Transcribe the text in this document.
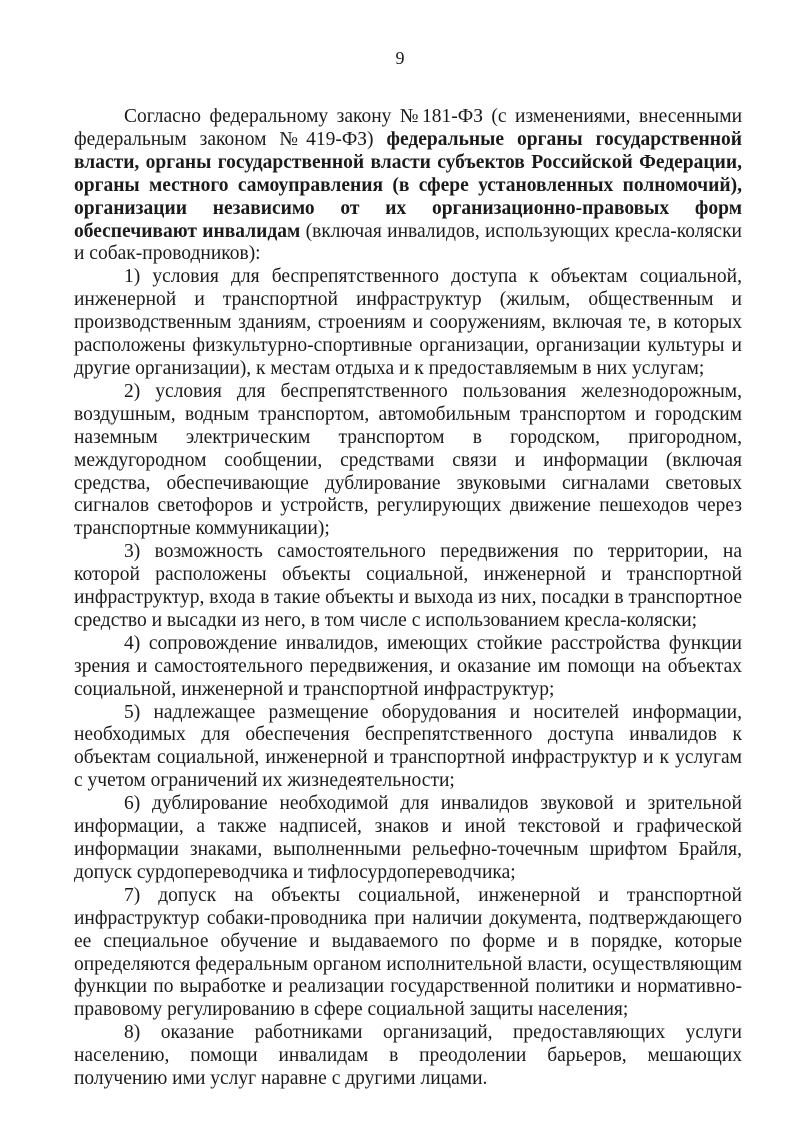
9

Согласно федеральному закону №181-ФЗ (с изменениями, внесенными федеральным законом №419-ФЗ) федеральные органы государственной власти, органы государственной власти субъектов Российской Федерации, органы местного самоуправления (в сфере установленных полномочий), организации независимо от их организационно-правовых форм обеспечивают инвалидам (включая инвалидов, использующих кресла-коляски и собак-проводников):

1) условия для беспрепятственного доступа к объектам социальной, инженерной и транспортной инфраструктур (жилым, общественным и производственным зданиям, строениям и сооружениям, включая те, в которых расположены физкультурно-спортивные организации, организации культуры и другие организации), к местам отдыха и к предоставляемым в них услугам;

2) условия для беспрепятственного пользования железнодорожным, воздушным, водным транспортом, автомобильным транспортом и городским наземным электрическим транспортом в городском, пригородном, междугородном сообщении, средствами связи и информации (включая средства, обеспечивающие дублирование звуковыми сигналами световых сигналов светофоров и устройств, регулирующих движение пешеходов через транспортные коммуникации);

3) возможность самостоятельного передвижения по территории, на которой расположены объекты социальной, инженерной и транспортной инфраструктур, входа в такие объекты и выхода из них, посадки в транспортное средство и высадки из него, в том числе с использованием кресла-коляски;

4) сопровождение инвалидов, имеющих стойкие расстройства функции зрения и самостоятельного передвижения, и оказание им помощи на объектах социальной, инженерной и транспортной инфраструктур;

5) надлежащее размещение оборудования и носителей информации, необходимых для обеспечения беспрепятственного доступа инвалидов к объектам социальной, инженерной и транспортной инфраструктур и к услугам с учетом ограничений их жизнедеятельности;

6) дублирование необходимой для инвалидов звуковой и зрительной информации, а также надписей, знаков и иной текстовой и графической информации знаками, выполненными рельефно-точечным шрифтом Брайля, допуск сурдопереводчика и тифлосурдопереводчика;

7) допуск на объекты социальной, инженерной и транспортной инфраструктур собаки-проводника при наличии документа, подтверждающего ее специальное обучение и выдаваемого по форме и в порядке, которые определяются федеральным органом исполнительной власти, осуществляющим функции по выработке и реализации государственной политики и нормативно-правовому регулированию в сфере социальной защиты населения;

8) оказание работниками организаций, предоставляющих услуги населению, помощи инвалидам в преодолении барьеров, мешающих получению ими услуг наравне с другими лицами.
